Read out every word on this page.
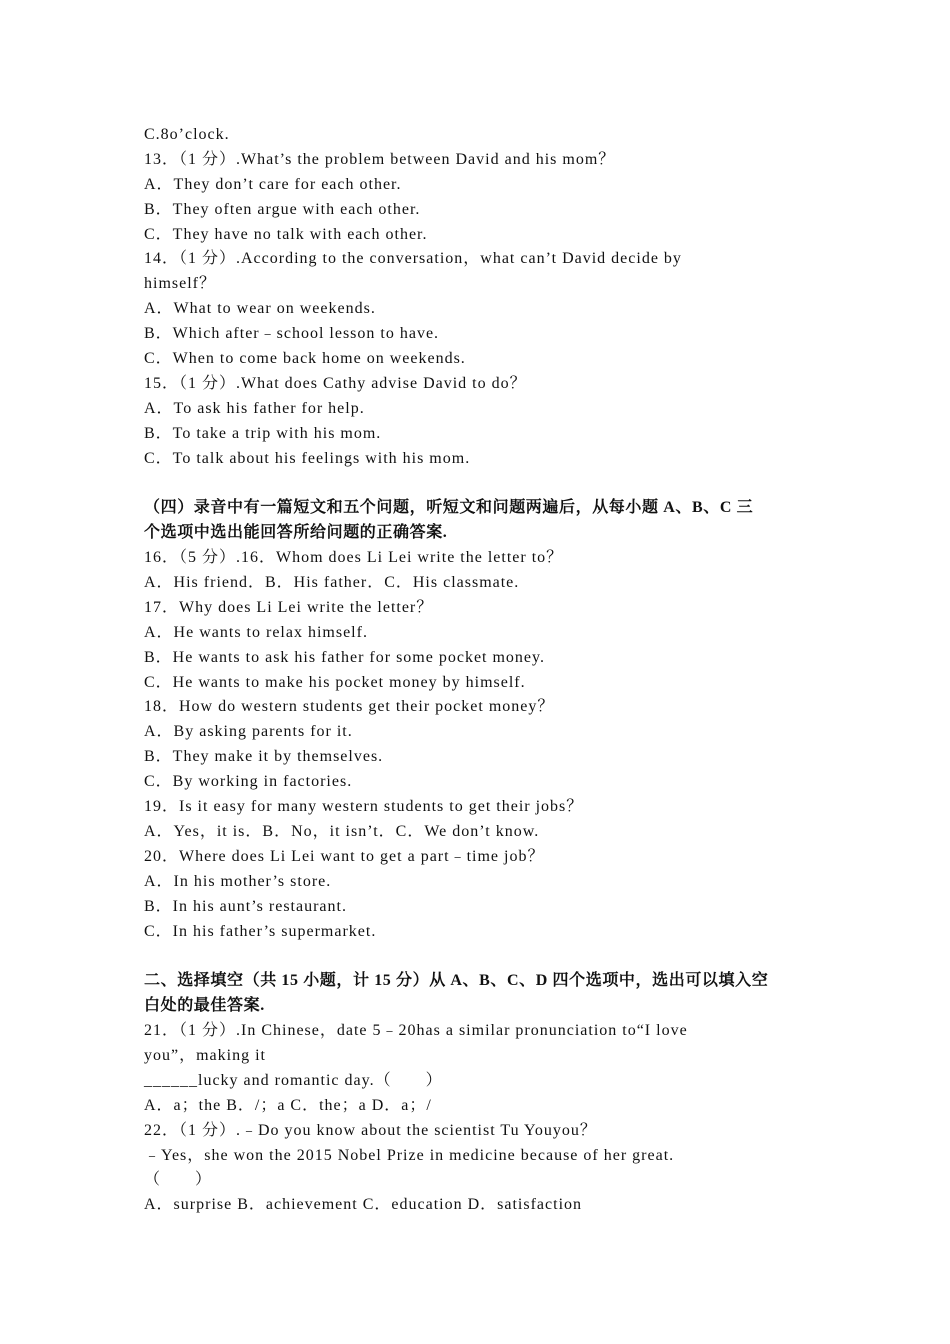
C.8o’clock.
13．（1 分）.What’s the problem between David and his mom？
A．They don’t care for each other.
B．They often argue with each other.
C．They have no talk with each other.
14．（1 分）.According to the conversation，what can’t David decide by
himself？
A．What to wear on weekends.
B．Which after﹣school lesson to have.
C．When to come back home on weekends.
15．（1 分）.What does Cathy advise David to do？
A．To ask his father for help.
B．To take a trip with his mom.
C．To talk about his feelings with his mom.
（四）录音中有一篇短文和五个问题，听短文和问题两遍后，从每小题 A、B、C 三
个选项中选出能回答所给问题的正确答案.
16．（5 分）.16．Whom does Li Lei write the letter to？
A．His friend．B．His father．C．His classmate.
17．Why does Li Lei write the letter？
A．He wants to relax himself.
B．He wants to ask his father for some pocket money.
C．He wants to make his pocket money by himself.
18．How do western students get their pocket money？
A．By asking parents for it.
B．They make it by themselves.
C．By working in factories.
19．Is it easy for many western students to get their jobs？
A．Yes，it is．B．No，it isn’t．C．We don’t know.
20．Where does Li Lei want to get a part﹣time job？
A．In his mother’s store.
B．In his aunt’s restaurant.
C．In his father’s supermarket.
二、选择填空（共 15 小题，计 15 分）从 A、B、C、D 四个选项中，选出可以填入空
白处的最佳答案.
21．（1 分）.In Chinese，date 5﹣20has a similar pronunciation to“I love
you”，making it
______lucky and romantic day.（　　）
A．a；the B．/；a C．the；a D．a；/
22．（1 分）.﹣Do you know about the scientist Tu Youyou？
﹣Yes，she won the 2015 Nobel Prize in medicine because of her great.
（　　）
A．surprise B．achievement C．education D．satisfaction
